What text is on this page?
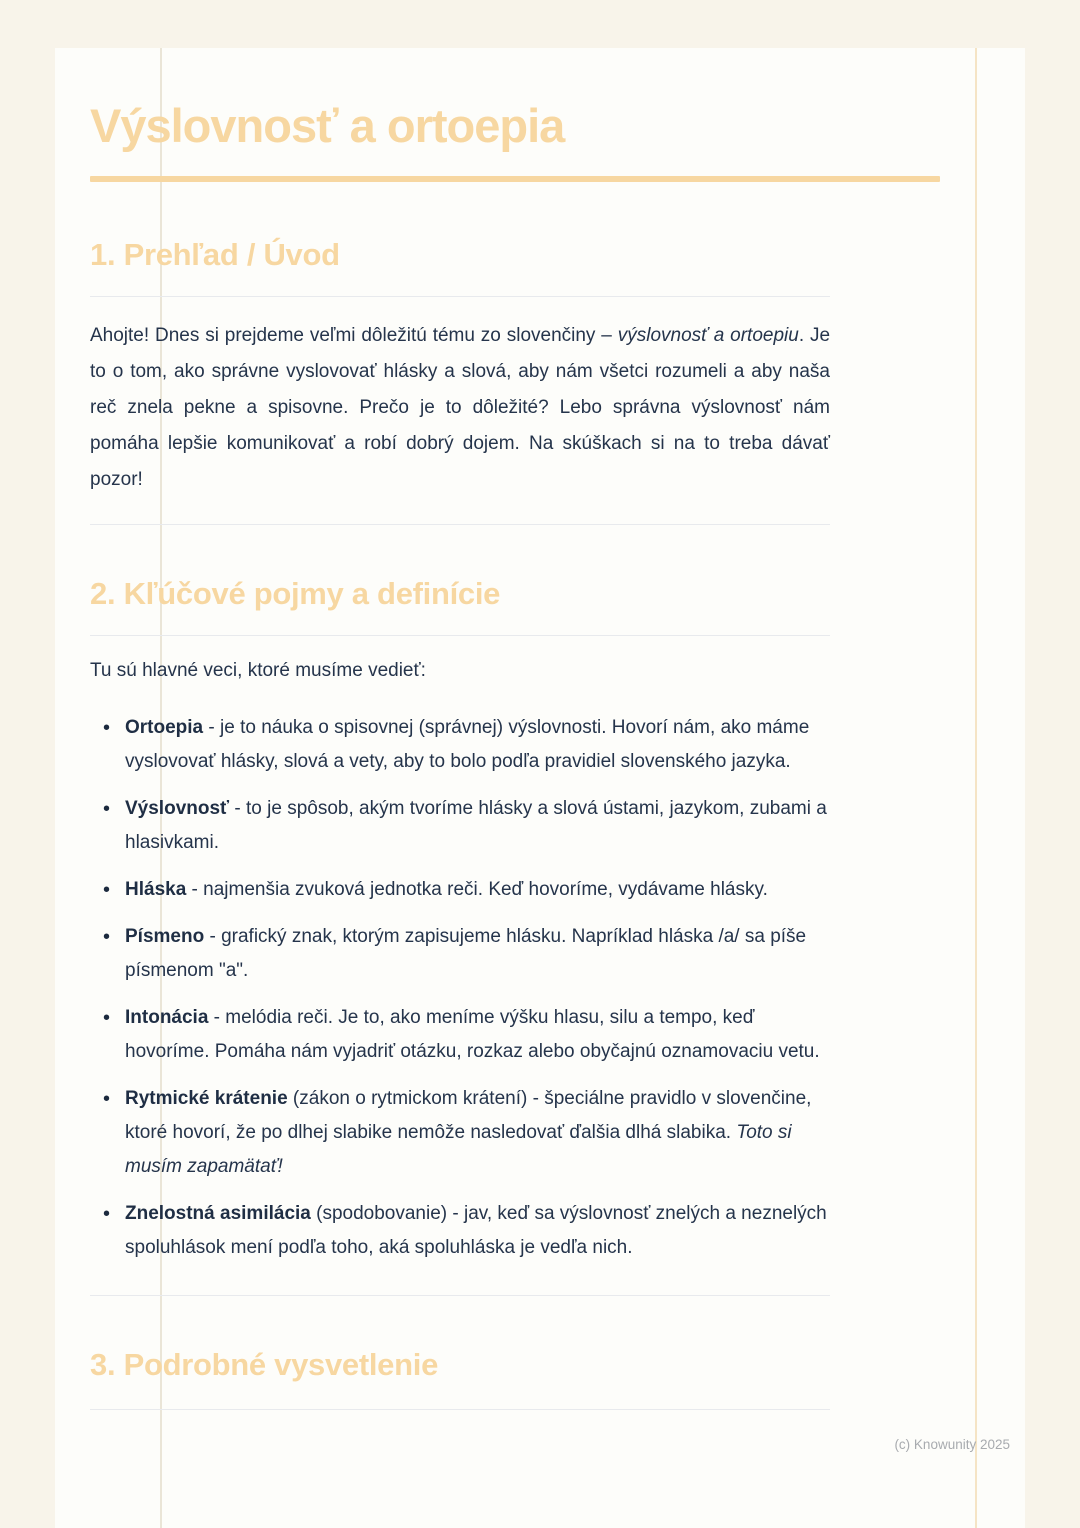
Výslovnosť a ortoepia
1. Prehľad / Úvod

Ahojte! Dnes si prejdeme veľmi dôležitú tému zo slovenčiny – výslovnosť a ortoepiu. Je to o tom, ako správne vyslovovať hlásky a slová, aby nám všetci rozumeli a aby naša reč znela pekne a spisovne. Prečo je to dôležité? Lebo správna výslovnosť nám pomáha lepšie komunikovať a robí dobrý dojem. Na skúškach si na to treba dávať pozor!

2. Kľúčové pojmy a definície

Tu sú hlavné veci, ktoré musíme vedieť:

• Ortoepia - je to náuka o spisovnej (správnej) výslovnosti. Hovorí nám, ako máme vyslovovať hlásky, slová a vety, aby to bolo podľa pravidiel slovenského jazyka.
• Výslovnosť - to je spôsob, akým tvoríme hlásky a slová ústami, jazykom, zubami a hlasivkami.
• Hláska - najmenšia zvuková jednotka reči. Keď hovoríme, vydávame hlásky.
• Písmeno - grafický znak, ktorým zapisujeme hlásku. Napríklad hláska /a/ sa píše písmenom "a".
• Intonácia - melódia reči. Je to, ako meníme výšku hlasu, silu a tempo, keď hovoríme. Pomáha nám vyjadriť otázku, rozkaz alebo obyčajnú oznamovaciu vetu.
• Rytmické krátenie (zákon o rytmickom krátení) - špeciálne pravidlo v slovenčine, ktoré hovorí, že po dlhej slabike nemôže nasledovať ďalšia dlhá slabika. Toto si musím zapamätať!
• Znelostná asimilácia (spodobovanie) - jav, keď sa výslovnosť znelých a neznelých spoluhlások mení podľa toho, aká spoluhláska je vedľa nich.
3. Podrobné vysvetlenie
(c) Knowunity 2025
